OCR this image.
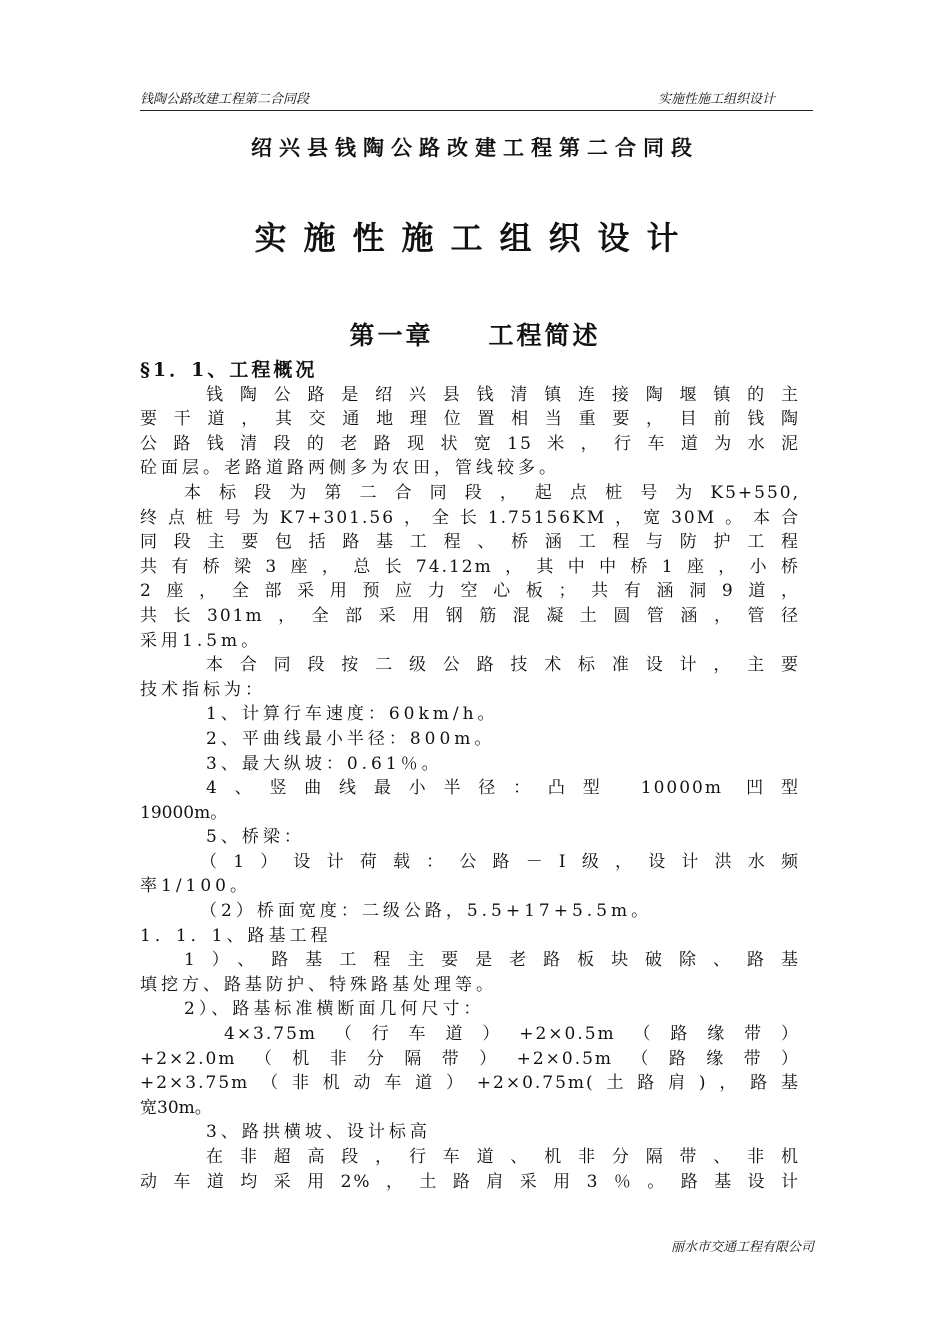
钱陶公路改建工程第二合同段	实施性施工组织设计
绍兴县钱陶公路改建工程第二合同段
实施性施工组织设计
第一章 工程简述
§1．1、工程概况
钱陶公路是绍兴县钱清镇连接陶堰镇的主
要干道，其交通地理位置相当重要，目前钱陶
公路钱清段的老路现状宽15米，行车道为水泥
砼面层。老路道路两侧多为农田，管线较多。
本标段为第二合同段，起点桩号为K5+550,
终点桩号为K7+301.56，全长1.75156KM，宽30M。本合
同段主要包括路基工程、桥涵工程与防护工程
共有桥梁3座，总长74.12m，其中中桥1座，小桥
2座，全部采用预应力空心板；共有涵洞9道，
共长301m，全部采用钢筋混凝土圆管涵，管径
采用1.5m。
本合同段按二级公路技术标准设计，主要
技术指标为：
1、计算行车速度：60km/h。
2、平曲线最小半径：800m。
3、最大纵坡：0.61％。
4、竖曲线最小半径：凸型 10000m 凹型
19000m。
5、桥梁：
（1）设计荷载：公路－Ⅰ级，设计洪水频
率1/100。
（2）桥面宽度：二级公路，5.5+17+5.5m。
1．1．1、路基工程
1）、路基工程主要是老路板块破除、路基
填挖方、路基防护、特殊路基处理等。
2）、路基标准横断面几何尺寸：
4×3.75m（行车道）+2×0.5m（路缘带）
+2×2.0m（机非分隔带）+2×0.5m（路缘带）
+2×3.75m（非机动车道）+2×0.75m(土路肩)，路基
宽30m。
3、路拱横坡、设计标高
在非超高段，行车道、机非分隔带、非机
动车道均采用2%，土路肩采用3％。路基设计
丽水市交通工程有限公司
